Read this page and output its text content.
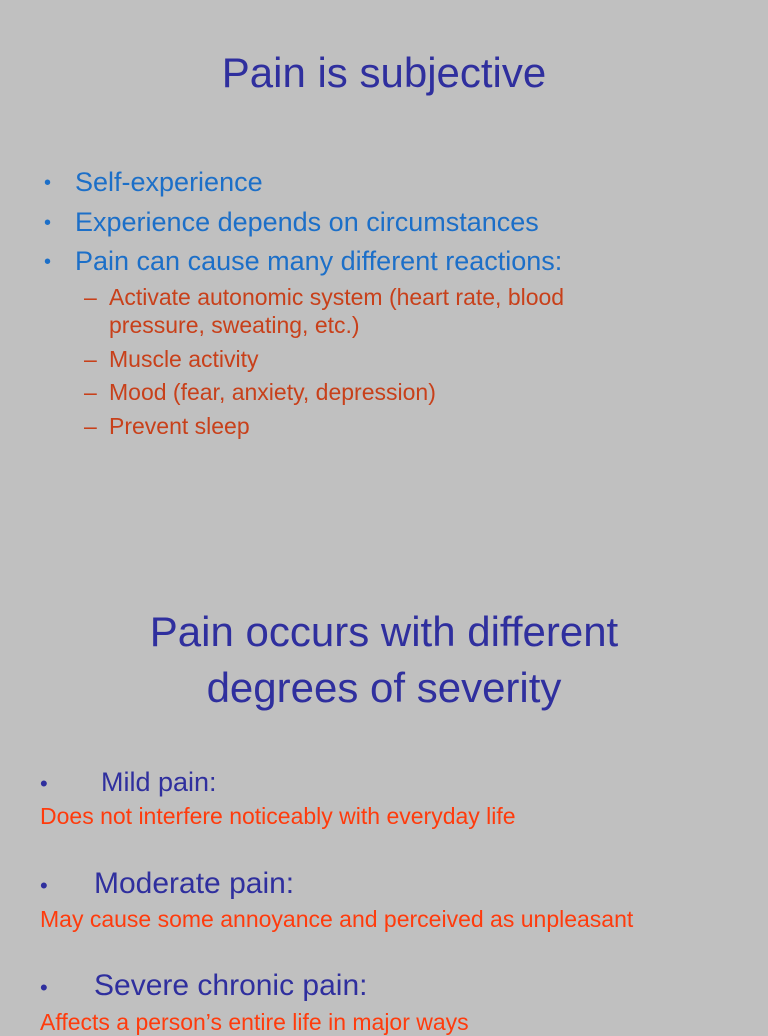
Pain is subjective
• Self-experience
• Experience depends on circumstances
• Pain can cause many different reactions:
– Activate autonomic system (heart rate, blood pressure, sweating, etc.)
– Muscle activity
– Mood (fear, anxiety, depression)
– Prevent sleep
Pain occurs with different degrees of severity
• Mild pain:
Does not interfere noticeably with everyday life
• Moderate pain:
May cause some annoyance and perceived as unpleasant
• Severe chronic pain:
Affects a person’s entire life in major ways
